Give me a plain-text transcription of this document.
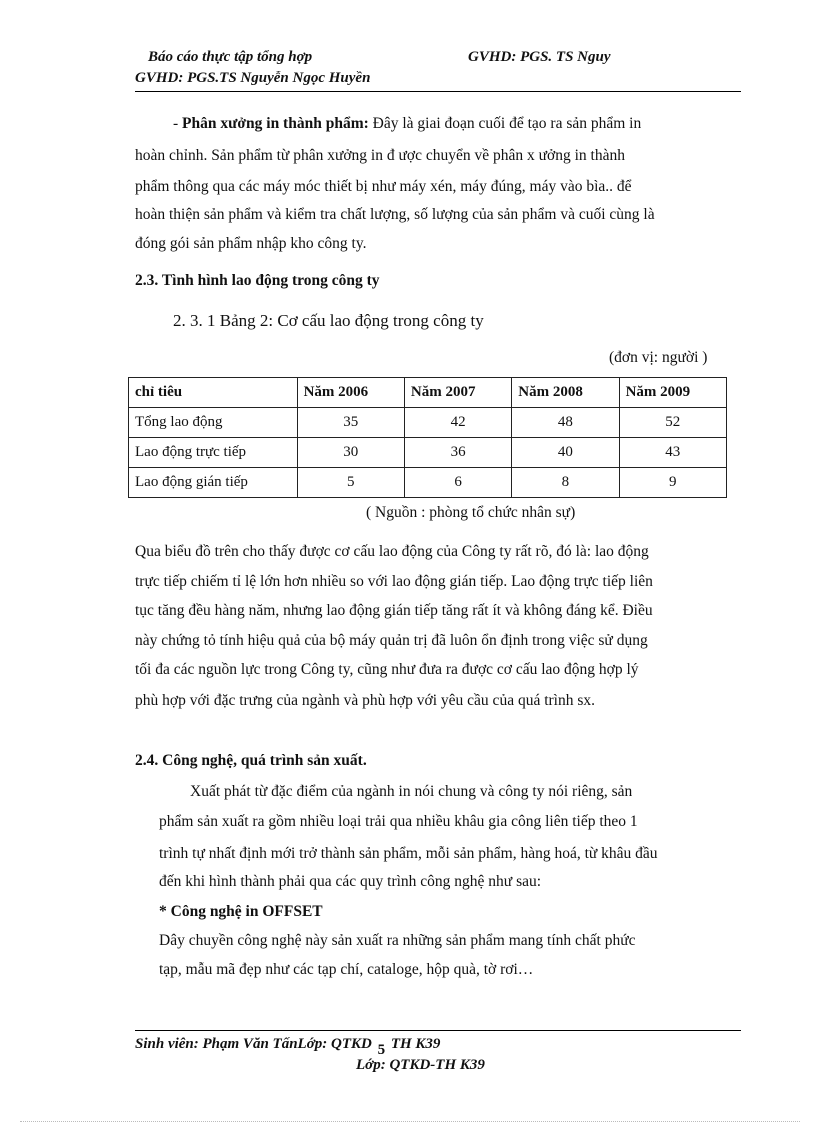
Báo cáo thực tập tổng hợp	GVHD: PGS. TS Nguy
GVHD: PGS.TS Nguyễn Ngọc Huyền
- Phân xưởng in thành phẩm: Đây là giai đoạn cuối để tạo ra sản phẩm in
hoàn chỉnh. Sản phẩm từ phân xưởng in đ ược chuyển về phân x ưởng in thành
phẩm thông qua các máy móc thiết bị như máy xén, máy đúng, máy vào bìa.. để
hoàn thiện sản phẩm và kiểm tra chất lượng, số lượng của sản phẩm và cuối cùng là
đóng gói sản phẩm nhập kho công ty.
2.3. Tình hình lao động trong công ty
2. 3. 1 Bảng 2: Cơ cấu lao động trong công ty
(đơn vị: người )
chỉ tiêu	Năm 2006	Năm 2007	Năm 2008	Năm 2009
Tổng lao động	35	42	48	52
Lao động trực tiếp	30	36	40	43
Lao động gián tiếp	5	6	8	9
( Nguồn : phòng tổ chức nhân sự)
Qua biểu đồ trên cho thấy được cơ cấu lao động của Công ty rất rõ, đó là: lao động
trực tiếp chiếm tỉ lệ lớn hơn nhiều so với lao động gián tiếp. Lao động trực tiếp liên
tục tăng đều hàng năm, nhưng lao động gián tiếp tăng rất ít và không đáng kể. Điều
này chứng tỏ tính hiệu quả của bộ máy quản trị đã luôn ổn định trong việc sử dụng
tối đa các nguồn lực trong Công ty, cũng như đưa ra được cơ cấu lao động hợp lý
phù hợp với đặc trưng của ngành và phù hợp với yêu cầu của quá trình sx.
2.4. Công nghệ, quá trình sản xuất.
Xuất phát từ đặc điểm của ngành in nói chung và công ty nói riêng, sản
phẩm sản xuất ra gồm nhiều loại trải qua nhiều khâu gia công liên tiếp theo 1
trình tự nhất định mới trở thành sản phẩm, mỗi sản phẩm, hàng hoá, từ khâu đầu
đến khi hình thành phải qua các quy trình công nghệ như sau:
* Công nghệ in OFFSET
Dây chuyền công nghệ này sản xuất ra những sản phẩm mang tính chất phức
tạp, mẫu mã đẹp như các tạp chí, cataloge, hộp quà, tờ rơi…
Sinh viên: Phạm Văn TấnLớp: QTKD 5 TH K39
Lớp: QTKD-TH K39
